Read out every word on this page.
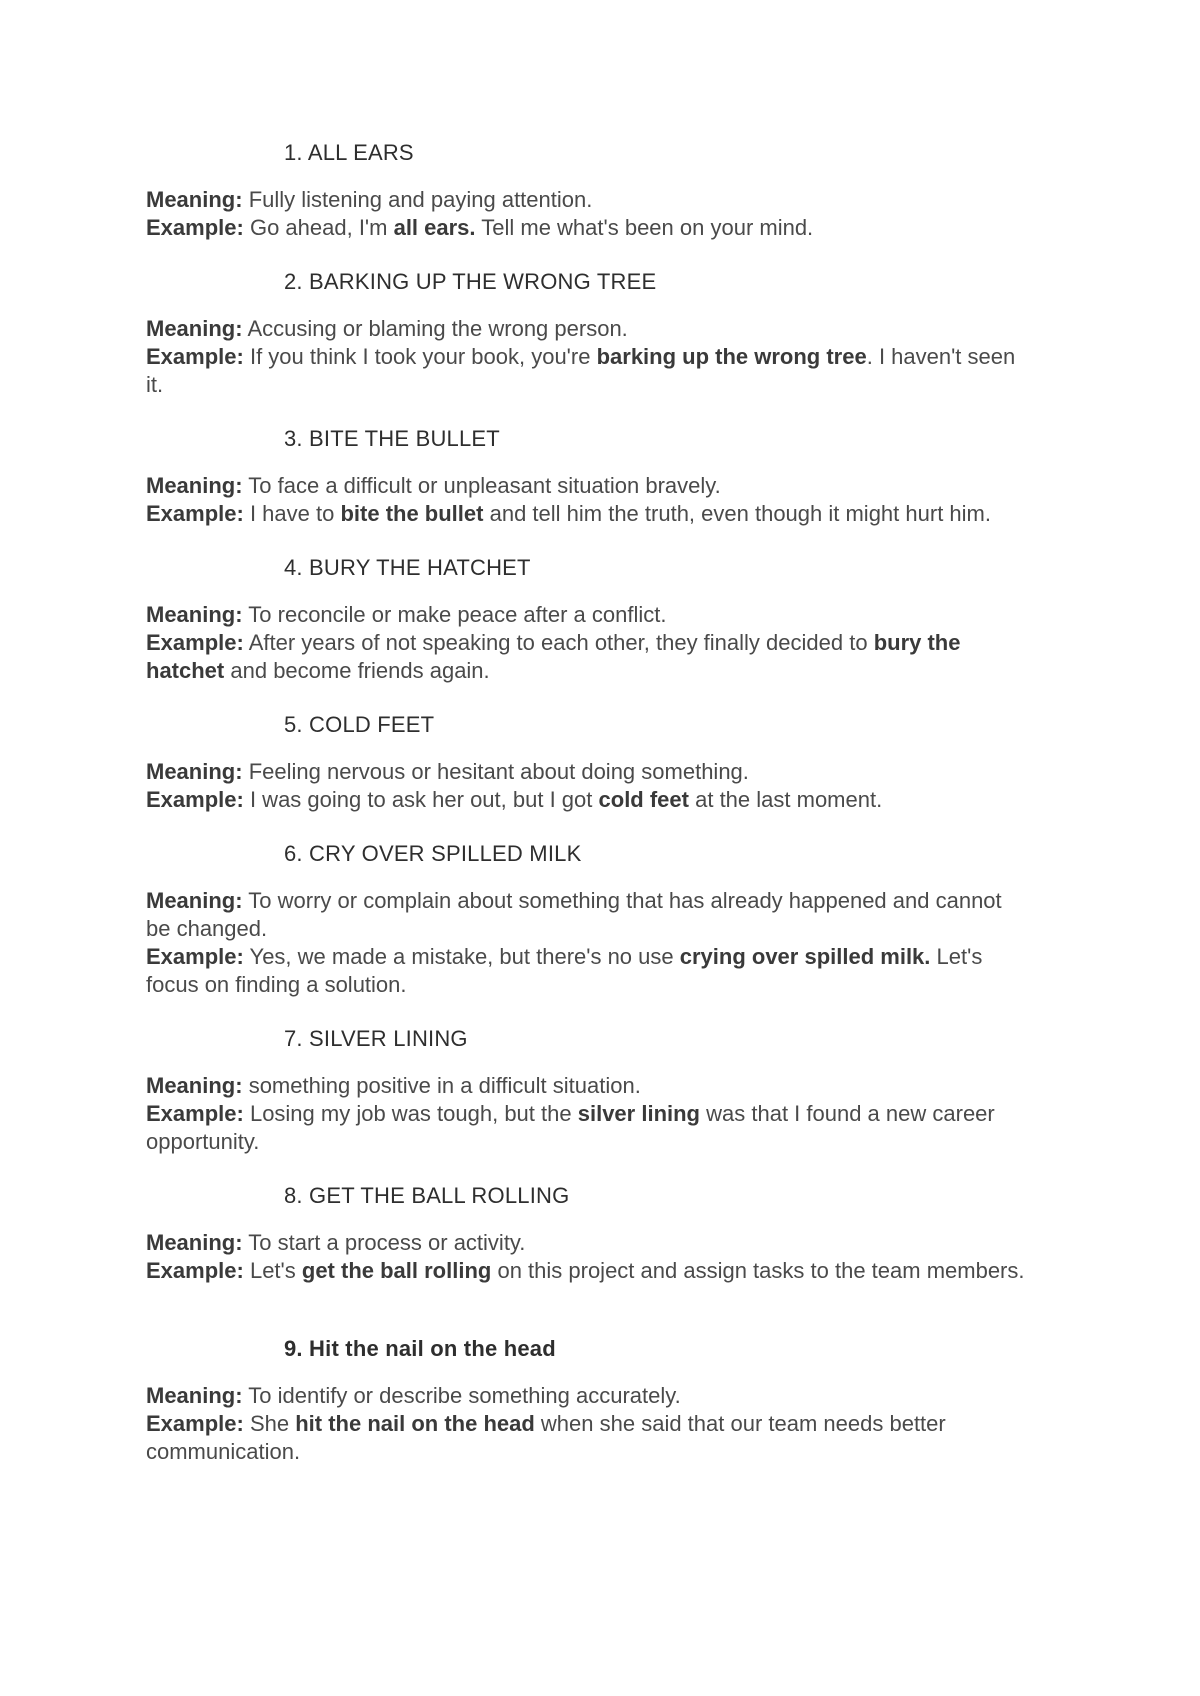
1. ALL EARS

Meaning: Fully listening and paying attention.

Example: Go ahead, I'm all ears. Tell me what's been on your mind.

2. BARKING UP THE WRONG TREE

Meaning: Accusing or blaming the wrong person.

Example: If you think I took your book, you're barking up the wrong tree. I haven't seen it.

3. BITE THE BULLET

Meaning: To face a difficult or unpleasant situation bravely.

Example: I have to bite the bullet and tell him the truth, even though it might hurt him.

4. BURY THE HATCHET

Meaning: To reconcile or make peace after a conflict.

Example: After years of not speaking to each other, they finally decided to bury the hatchet and become friends again.

5. COLD FEET

Meaning: Feeling nervous or hesitant about doing something.

Example: I was going to ask her out, but I got cold feet at the last moment.

6. CRY OVER SPILLED MILK

Meaning: To worry or complain about something that has already happened and cannot be changed.

Example: Yes, we made a mistake, but there's no use crying over spilled milk. Let's focus on finding a solution.

7. SILVER LINING

Meaning: something positive in a difficult situation.

Example: Losing my job was tough, but the silver lining was that I found a new career opportunity.

8. GET THE BALL ROLLING

Meaning: To start a process or activity.

Example: Let's get the ball rolling on this project and assign tasks to the team members.

9. Hit the nail on the head

Meaning: To identify or describe something accurately.

Example: She hit the nail on the head when she said that our team needs better communication.
